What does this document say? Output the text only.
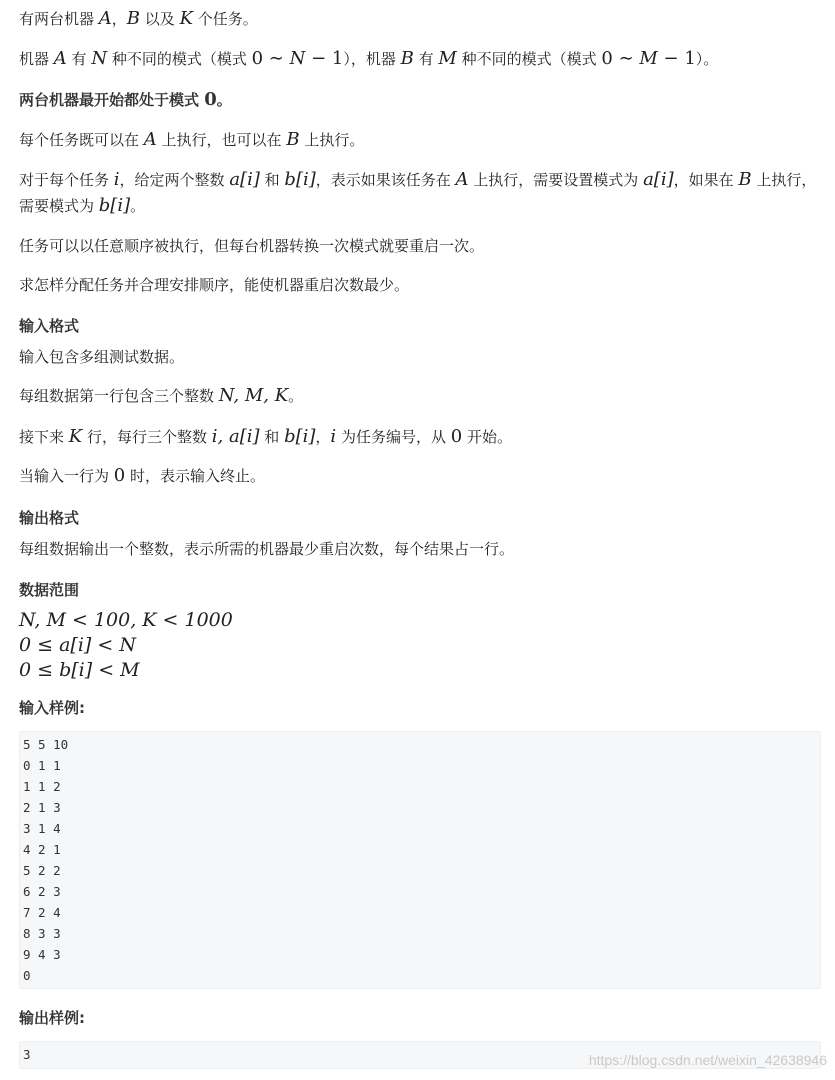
有两台机器 A，B 以及 K 个任务。
机器 A 有 N 种不同的模式（模式 0 ∼ N − 1），机器 B 有 M 种不同的模式（模式 0 ∼ M − 1）。
两台机器最开始都处于模式 0。
每个任务既可以在 A 上执行，也可以在 B 上执行。
对于每个任务 i，给定两个整数 a[i] 和 b[i]，表示如果该任务在 A 上执行，需要设置模式为 a[i]，如果在 B 上执行，需要模式为 b[i]。
任务可以以任意顺序被执行，但每台机器转换一次模式就要重启一次。
求怎样分配任务并合理安排顺序，能使机器重启次数最少。
输入格式
输入包含多组测试数据。
每组数据第一行包含三个整数 N, M, K。
接下来 K 行，每行三个整数 i, a[i] 和 b[i]，i 为任务编号，从 0 开始。
当输入一行为 0 时，表示输入终止。
输出格式
每组数据输出一个整数，表示所需的机器最少重启次数，每个结果占一行。
数据范围
N, M < 100, K < 1000
0 ≤ a[i] < N
0 ≤ b[i] < M
输入样例:
5 5 10
0 1 1
1 1 2
2 1 3
3 1 4
4 2 1
5 2 2
6 2 3
7 2 4
8 3 3
9 4 3
0
输出样例:
3	https://blog.csdn.net/weixin_42638946
